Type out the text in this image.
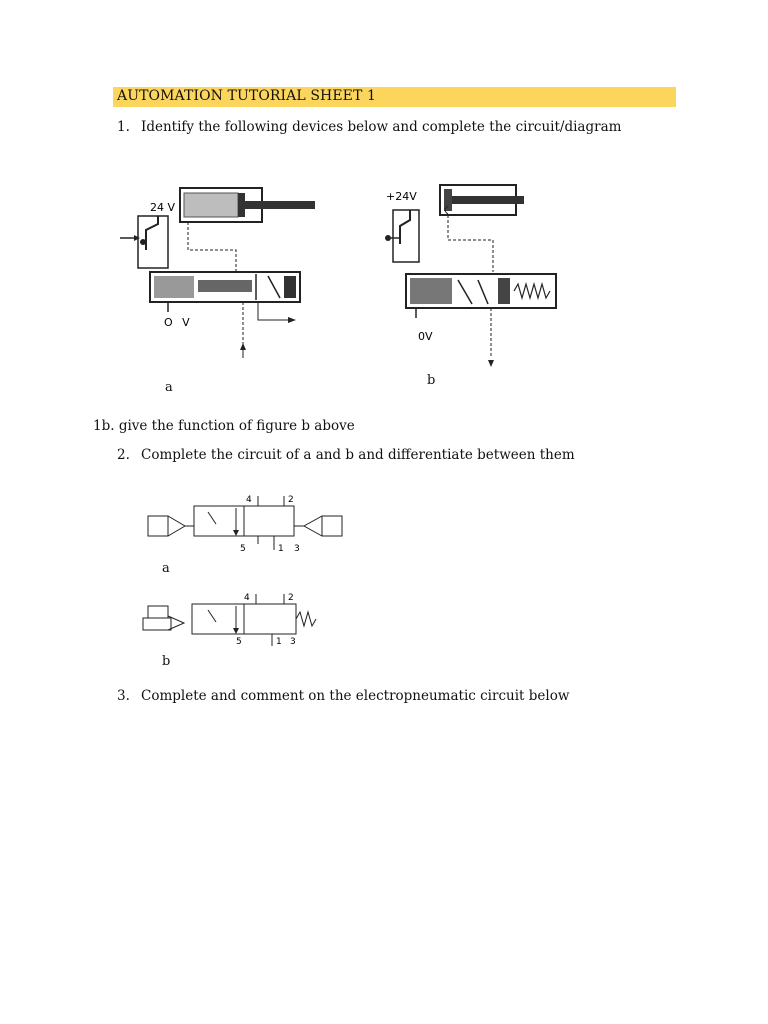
AUTOMATION TUTORIAL SHEET 1
1. Identify the following devices below and complete the circuit/diagram
24 V
O V
a
+24V
0V
b
1b. give the function of figure b above
2. Complete the circuit of a and b and differentiate between them
4	2
5	1 3
a
4	2
5	1 3
b
3. Complete and comment on the electropneumatic circuit below
